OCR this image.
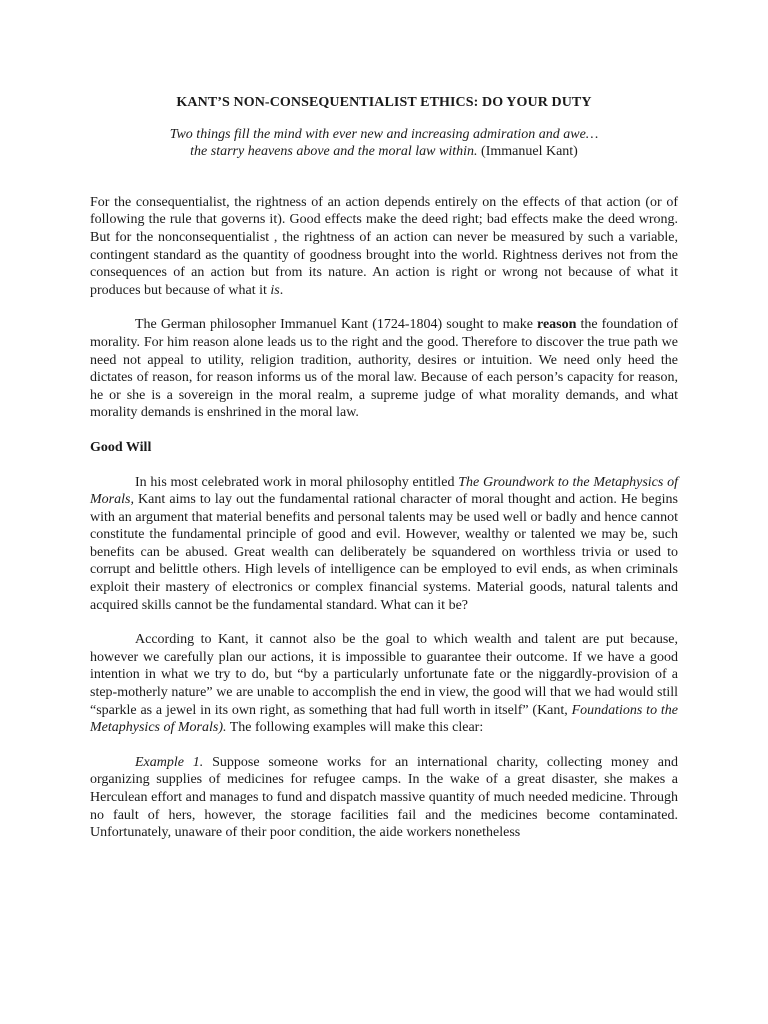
KANT’S NON-CONSEQUENTIALIST ETHICS: DO YOUR DUTY
Two things fill the mind with ever new and increasing admiration and awe…
the starry heavens above and the moral law within. (Immanuel Kant)

For the consequentialist, the rightness of an action depends entirely on the effects of that action (or of following the rule that governs it). Good effects make the deed right; bad effects make the deed wrong. But for the nonconsequentialist , the rightness of an action can never be measured by such a variable, contingent standard as the quantity of goodness brought into the world. Rightness derives not from the consequences of an action but from its nature. An action is right or wrong not because of what it produces but because of what it is.

The German philosopher Immanuel Kant (1724-1804) sought to make reason the foundation of morality. For him reason alone leads us to the right and the good. Therefore to discover the true path we need not appeal to utility, religion tradition, authority, desires or intuition. We need only heed the dictates of reason, for reason informs us of the moral law. Because of each person’s capacity for reason, he or she is a sovereign in the moral realm, a supreme judge of what morality demands, and what morality demands is enshrined in the moral law.

Good Will

In his most celebrated work in moral philosophy entitled The Groundwork to the Metaphysics of Morals, Kant aims to lay out the fundamental rational character of moral thought and action. He begins with an argument that material benefits and personal talents may be used well or badly and hence cannot constitute the fundamental principle of good and evil. However, wealthy or talented we may be, such benefits can be abused. Great wealth can deliberately be squandered on worthless trivia or used to corrupt and belittle others. High levels of intelligence can be employed to evil ends, as when criminals exploit their mastery of electronics or complex financial systems. Material goods, natural talents and acquired skills cannot be the fundamental standard. What can it be?

According to Kant, it cannot also be the goal to which wealth and talent are put because, however we carefully plan our actions, it is impossible to guarantee their outcome. If we have a good intention in what we try to do, but “by a particularly unfortunate fate or the niggardly-provision of a step-motherly nature” we are unable to accomplish the end in view, the good will that we had would still “sparkle as a jewel in its own right, as something that had full worth in itself” (Kant, Foundations to the Metaphysics of Morals). The following examples will make this clear:

Example 1. Suppose someone works for an international charity, collecting money and organizing supplies of medicines for refugee camps. In the wake of a great disaster, she makes a Herculean effort and manages to fund and dispatch massive quantity of much needed medicine. Through no fault of hers, however, the storage facilities fail and the medicines become contaminated. Unfortunately, unaware of their poor condition, the aide workers nonetheless
